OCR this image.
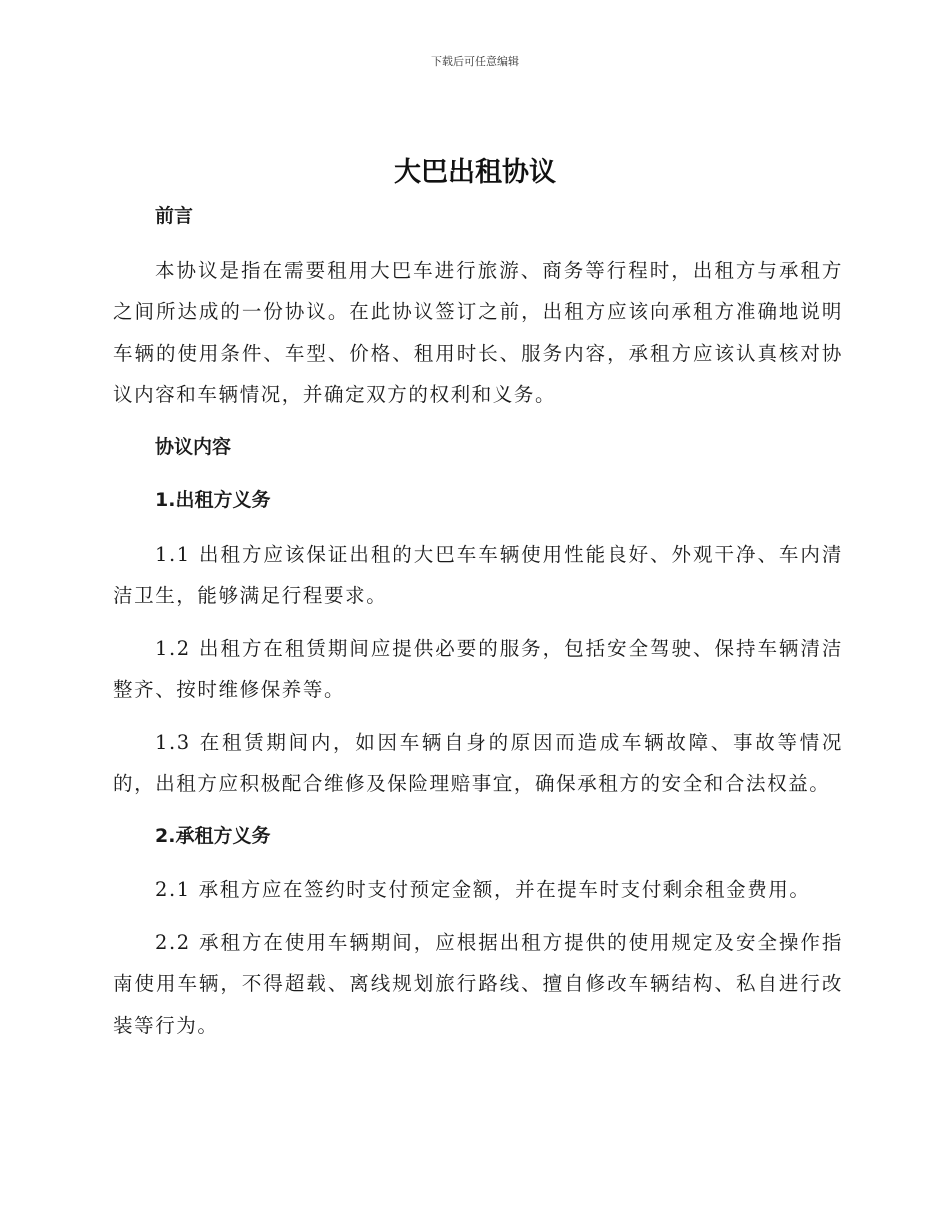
下载后可任意编辑
大巴出租协议
前言
本协议是指在需要租用大巴车进行旅游、商务等行程时，出租方与承租方之间所达成的一份协议。在此协议签订之前，出租方应该向承租方准确地说明车辆的使用条件、车型、价格、租用时长、服务内容，承租方应该认真核对协议内容和车辆情况，并确定双方的权利和义务。
协议内容
1.出租方义务
1.1 出租方应该保证出租的大巴车车辆使用性能良好、外观干净、车内清洁卫生，能够满足行程要求。
1.2 出租方在租赁期间应提供必要的服务，包括安全驾驶、保持车辆清洁整齐、按时维修保养等。
1.3 在租赁期间内，如因车辆自身的原因而造成车辆故障、事故等情况的，出租方应积极配合维修及保险理赔事宜，确保承租方的安全和合法权益。
2.承租方义务
2.1 承租方应在签约时支付预定金额，并在提车时支付剩余租金费用。
2.2 承租方在使用车辆期间，应根据出租方提供的使用规定及安全操作指南使用车辆，不得超载、离线规划旅行路线、擅自修改车辆结构、私自进行改装等行为。
